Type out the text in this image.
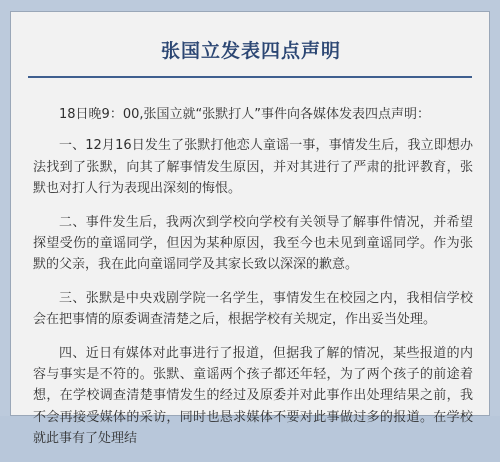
张国立发表四点声明

18日晚9：00,张国立就“张默打人”事件向各媒体发表四点声明：

一、12月16日发生了张默打他恋人童谣一事，事情发生后，我立即想办法找到了张默，向其了解事情发生原因，并对其进行了严肃的批评教育，张默也对打人行为表现出深刻的悔恨。

二、事件发生后，我两次到学校向学校有关领导了解事件情况，并希望探望受伤的童谣同学，但因为某种原因，我至今也未见到童谣同学。作为张默的父亲，我在此向童谣同学及其家长致以深深的歉意。

三、张默是中央戏剧学院一名学生，事情发生在校园之内，我相信学校会在把事情的原委调查清楚之后，根据学校有关规定，作出妥当处理。

四、近日有媒体对此事进行了报道，但据我了解的情况，某些报道的内容与事实是不符的。张默、童谣两个孩子都还年轻，为了两个孩子的前途着想，在学校调查清楚事情发生的经过及原委并对此事作出处理结果之前，我不会再接受媒体的采访，同时也恳求媒体不要对此事做过多的报道。在学校就此事有了处理结
